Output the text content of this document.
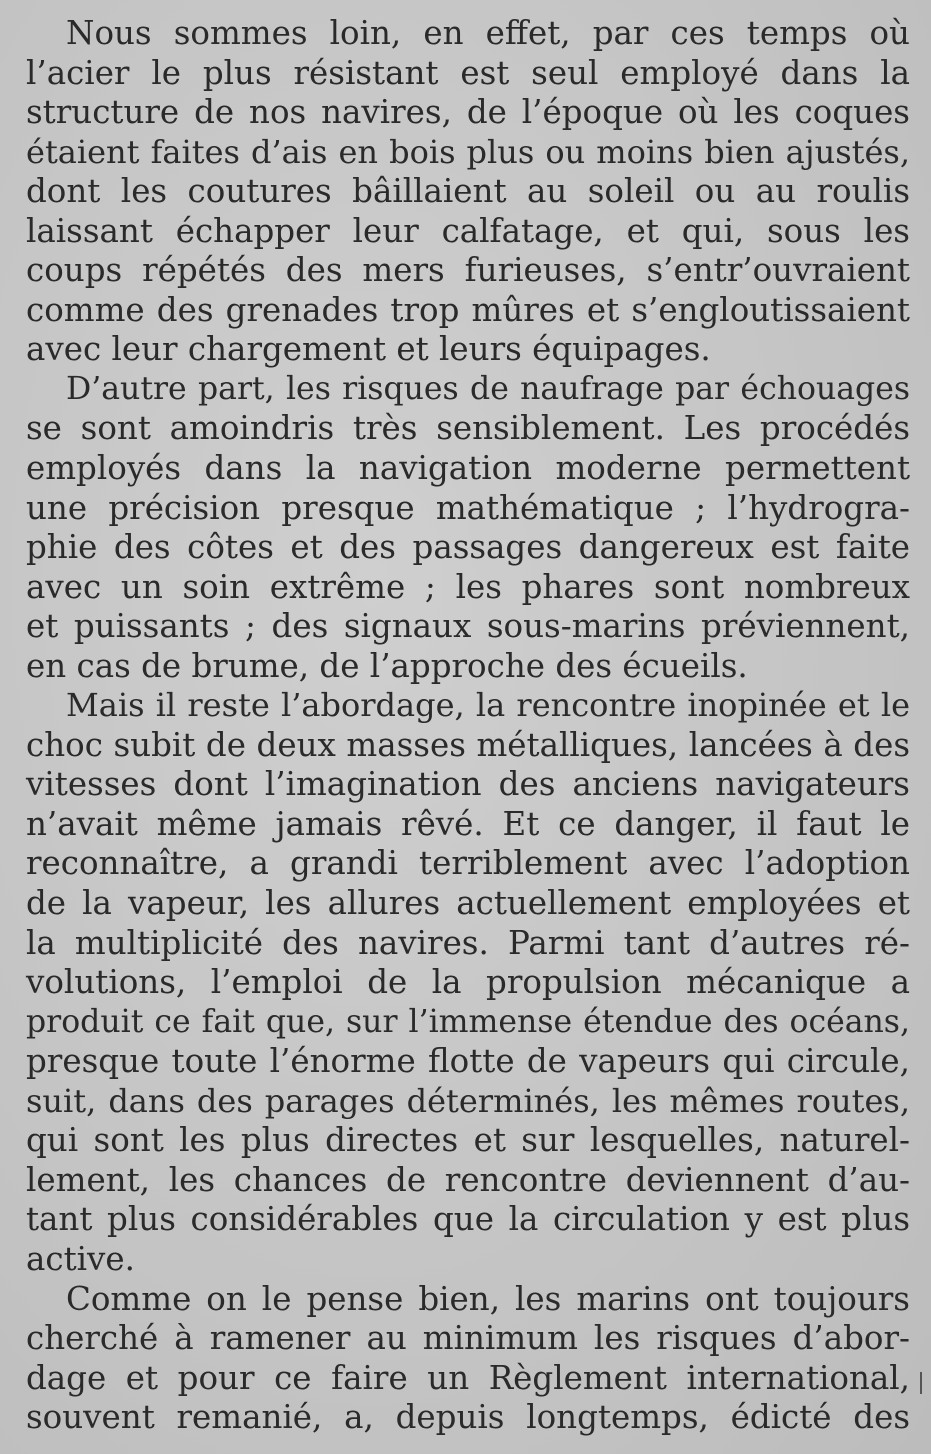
Nous sommes loin, en effet, par ces temps où
l’acier le plus résistant est seul employé dans la
structure de nos navires, de l’époque où les coques
étaient faites d’ais en bois plus ou moins bien ajustés,
dont les coutures bâillaient au soleil ou au roulis
laissant échapper leur calfatage, et qui, sous les
coups répétés des mers furieuses, s’entr’ouvraient
comme des grenades trop mûres et s’engloutissaient
avec leur chargement et leurs équipages.
D’autre part, les risques de naufrage par échouages
se sont amoindris très sensiblement. Les procédés
employés dans la navigation moderne permettent
une précision presque mathématique ; l’hydrogra-
phie des côtes et des passages dangereux est faite
avec un soin extrême ; les phares sont nombreux
et puissants ; des signaux sous-marins préviennent,
en cas de brume, de l’approche des écueils.
Mais il reste l’abordage, la rencontre inopinée et le
choc subit de deux masses métalliques, lancées à des
vitesses dont l’imagination des anciens navigateurs
n’avait même jamais rêvé. Et ce danger, il faut le
reconnaître, a grandi terriblement avec l’adoption
de la vapeur, les allures actuellement employées et
la multiplicité des navires. Parmi tant d’autres ré-
volutions, l’emploi de la propulsion mécanique a
produit ce fait que, sur l’immense étendue des océans,
presque toute l’énorme flotte de vapeurs qui circule,
suit, dans des parages déterminés, les mêmes routes,
qui sont les plus directes et sur lesquelles, naturel-
lement, les chances de rencontre deviennent d’au-
tant plus considérables que la circulation y est plus
active.
Comme on le pense bien, les marins ont toujours
cherché à ramener au minimum les risques d’abor-
dage et pour ce faire un Règlement international,
souvent remanié, a, depuis longtemps, édicté des
